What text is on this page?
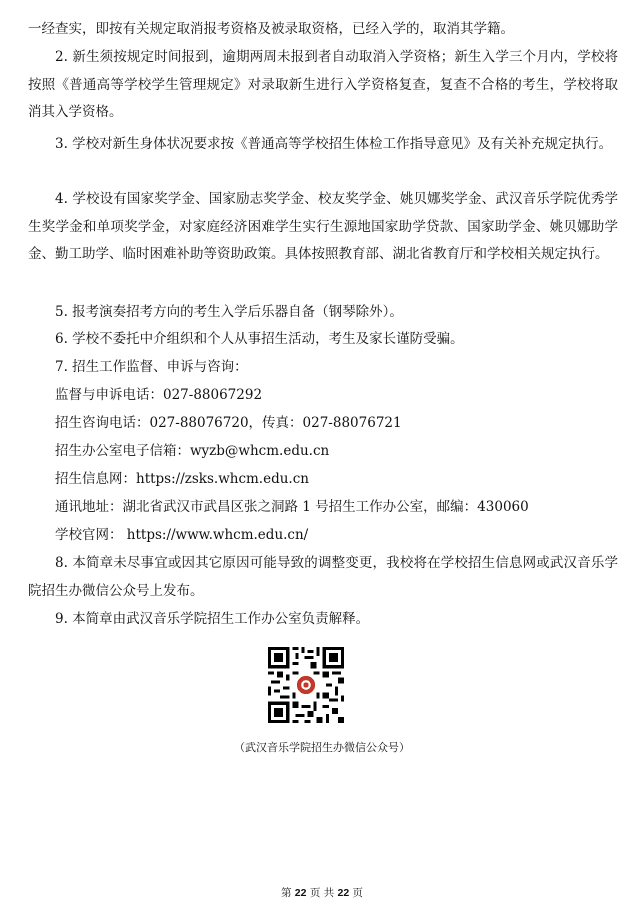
一经查实，即按有关规定取消报考资格及被录取资格，已经入学的，取消其学籍。

2. 新生须按规定时间报到，逾期两周未报到者自动取消入学资格；新生入学三个月内，学校将按照《普通高等学校学生管理规定》对录取新生进行入学资格复查，复查不合格的考生，学校将取消其入学资格。

3. 学校对新生身体状况要求按《普通高等学校招生体检工作指导意见》及有关补充规定执行。

4. 学校设有国家奖学金、国家励志奖学金、校友奖学金、姚贝娜奖学金、武汉音乐学院优秀学生奖学金和单项奖学金，对家庭经济困难学生实行生源地国家助学贷款、国家助学金、姚贝娜助学金、勤工助学、临时困难补助等资助政策。具体按照教育部、湖北省教育厅和学校相关规定执行。

5. 报考演奏招考方向的考生入学后乐器自备（钢琴除外）。

6. 学校不委托中介组织和个人从事招生活动，考生及家长谨防受骗。

7. 招生工作监督、申诉与咨询：

监督与申诉电话：027-88067292
招生咨询电话：027-88076720，传真：027-88076721
招生办公室电子信箱：wyzb@whcm.edu.cn
招生信息网：https://zsks.whcm.edu.cn
通讯地址：湖北省武汉市武昌区张之洞路 1 号招生工作办公室，邮编：430060
学校官网： https://www.whcm.edu.cn/

8. 本简章未尽事宜或因其它原因可能导致的调整变更，我校将在学校招生信息网或武汉音乐学院招生办微信公众号上发布。

9. 本简章由武汉音乐学院招生工作办公室负责解释。

（武汉音乐学院招生办微信公众号）
第 22 页 共 22 页
